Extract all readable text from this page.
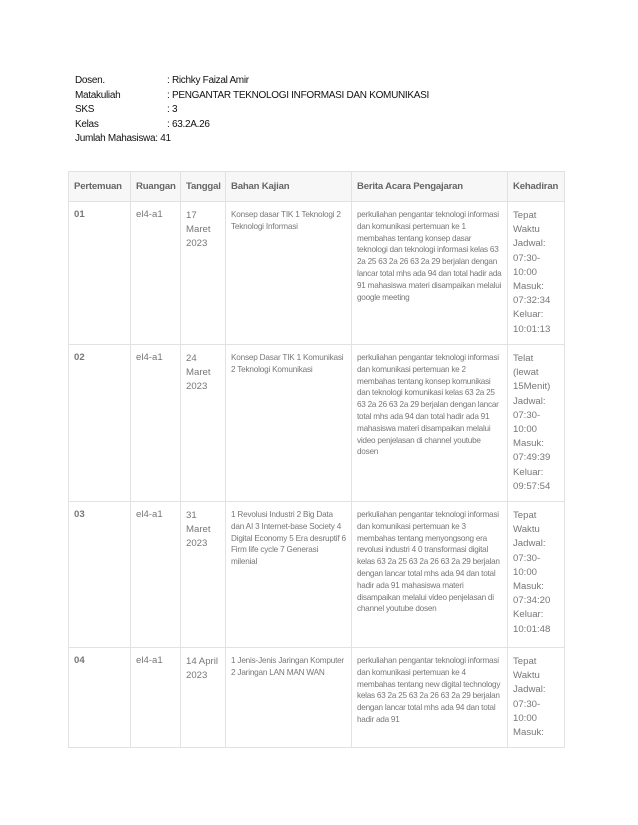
Dosen.	: Richky Faizal Amir
Matakuliah	: PENGANTAR TEKNOLOGI INFORMASI DAN KOMUNIKASI
SKS	: 3
Kelas	: 63.2A.26
Jumlah Mahasiswa: 41
Pertemuan	Ruangan	Tanggal	Bahan Kajian	Berita Acara Pengajaran	Kehadiran
01	el4-a1	17 Maret 2023	Konsep dasar TIK 1 Teknologi 2 Teknologi Informasi	perkuliahan pengantar teknologi informasi dan komunikasi pertemuan ke 1 membahas tentang konsep dasar teknologi dan teknologi informasi kelas 63 2a 25 63 2a 26 63 2a 29 berjalan dengan lancar total mhs ada 94 dan total hadir ada 91 mahasiswa materi disampaikan melalui google meeting	Tepat Waktu Jadwal: 07:30-10:00 Masuk: 07:32:34 Keluar: 10:01:13
02	el4-a1	24 Maret 2023	Konsep Dasar TIK 1 Komunikasi 2 Teknologi Komunikasi	perkuliahan pengantar teknologi informasi dan komunikasi pertemuan ke 2 membahas tentang konsep komunikasi dan teknologi komunikasi kelas 63 2a 25 63 2a 26 63 2a 29 berjalan dengan lancar total mhs ada 94 dan total hadir ada 91 mahasiswa materi disampaikan melalui video penjelasan di channel youtube dosen	Telat (lewat 15Menit) Jadwal: 07:30-10:00 Masuk: 07:49:39 Keluar: 09:57:54
03	el4-a1	31 Maret 2023	1 Revolusi Industri 2 Big Data dan AI 3 Internet-base Society 4 Digital Economy 5 Era desruptif 6 Firm life cycle 7 Generasi milenial	perkuliahan pengantar teknologi informasi dan komunikasi pertemuan ke 3 membahas tentang menyongsong era revolusi industri 4 0 transformasi digital kelas 63 2a 25 63 2a 26 63 2a 29 berjalan dengan lancar total mhs ada 94 dan total hadir ada 91 mahasiswa materi disampaikan melalui video penjelasan di channel youtube dosen	Tepat Waktu Jadwal: 07:30-10:00 Masuk: 07:34:20 Keluar: 10:01:48
04	el4-a1	14 April 2023	1 Jenis-Jenis Jaringan Komputer 2 Jaringan LAN MAN WAN	perkuliahan pengantar teknologi informasi dan komunikasi pertemuan ke 4 membahas tentang new digital technology kelas 63 2a 25 63 2a 26 63 2a 29 berjalan dengan lancar total mhs ada 94 dan total hadir ada 91	Tepat Waktu Jadwal: 07:30-10:00 Masuk:
